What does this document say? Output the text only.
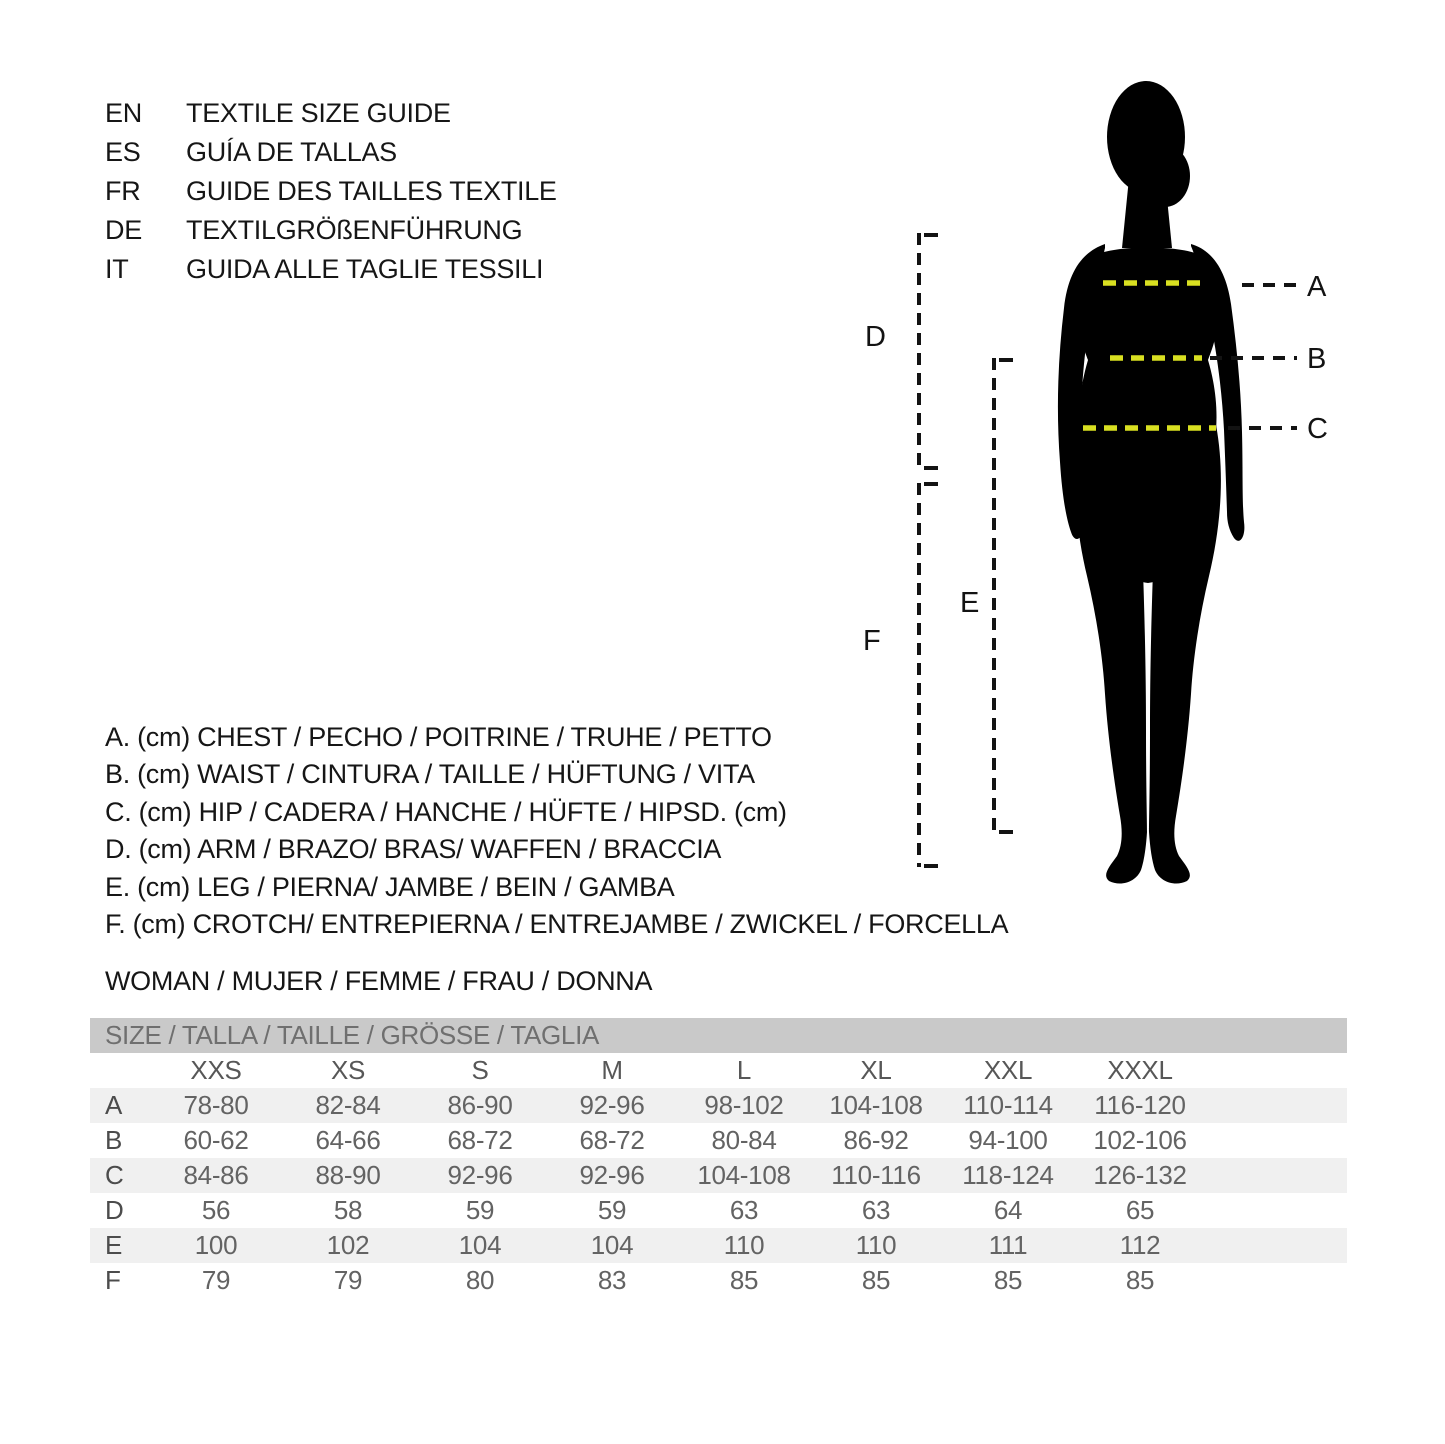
EN	TEXTILE SIZE GUIDE
ES	GUÍA DE TALLAS
FR	GUIDE DES TAILLES TEXTILE
DE	TEXTILGRÖßENFÜHRUNG
IT	GUIDA ALLE TAGLIE TESSILI
A. (cm) CHEST / PECHO / POITRINE / TRUHE / PETTO
B. (cm) WAIST / CINTURA / TAILLE / HÜFTUNG / VITA
C. (cm) HIP / CADERA / HANCHE / HÜFTE / HIPSD. (cm)
D. (cm) ARM / BRAZO/ BRAS/ WAFFEN / BRACCIA
E. (cm) LEG / PIERNA/ JAMBE / BEIN / GAMBA
F. (cm) CROTCH/ ENTREPIERNA / ENTREJAMBE / ZWICKEL / FORCELLA
WOMAN / MUJER / FEMME / FRAU / DONNA
SIZE / TALLA / TAILLE / GRÖSSE / TAGLIA
XXS	XS	S	M	L	XL	XXL	XXXL
A	78-80	82-84	86-90	92-96	98-102	104-108	110-114	116-120
B	60-62	64-66	68-72	68-72	80-84	86-92	94-100	102-106
C	84-86	88-90	92-96	92-96	104-108	110-116	118-124	126-132
D	56	58	59	59	63	63	64	65
E	100	102	104	104	110	110	111	112
F	79	79	80	83	85	85	85	85
A
B
C
D
E
F
